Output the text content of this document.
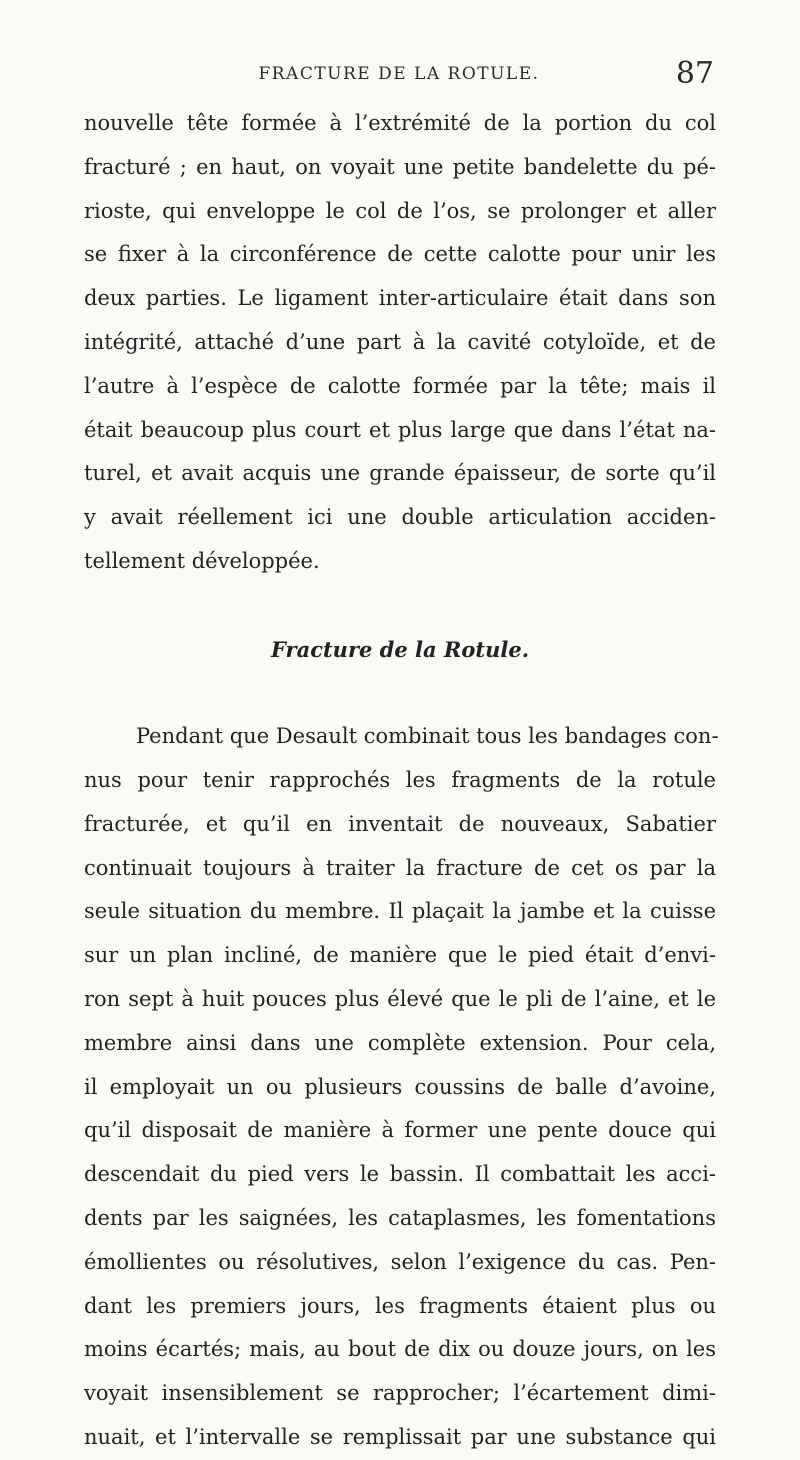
FRACTURE DE LA ROTULE.	87
nouvelle tête formée à l’extrémité de la portion du col
fracturé ; en haut, on voyait une petite bandelette du pé-
rioste, qui enveloppe le col de l’os, se prolonger et aller
se fixer à la circonférence de cette calotte pour unir les
deux parties. Le ligament inter-articulaire était dans son
intégrité, attaché d’une part à la cavité cotyloïde, et de
l’autre à l’espèce de calotte formée par la tête; mais il
était beaucoup plus court et plus large que dans l’état na-
turel, et avait acquis une grande épaisseur, de sorte qu’il
y avait réellement ici une double articulation acciden-
tellement développée.
Fracture de la Rotule.
Pendant que Desault combinait tous les bandages con-
nus pour tenir rapprochés les fragments de la rotule
fracturée, et qu’il en inventait de nouveaux, Sabatier
continuait toujours à traiter la fracture de cet os par la
seule situation du membre. Il plaçait la jambe et la cuisse
sur un plan incliné, de manière que le pied était d’envi-
ron sept à huit pouces plus élevé que le pli de l’aine, et le
membre ainsi dans une complète extension. Pour cela,
il employait un ou plusieurs coussins de balle d’avoine,
qu’il disposait de manière à former une pente douce qui
descendait du pied vers le bassin. Il combattait les acci-
dents par les saignées, les cataplasmes, les fomentations
émollientes ou résolutives, selon l’exigence du cas. Pen-
dant les premiers jours, les fragments étaient plus ou
moins écartés; mais, au bout de dix ou douze jours, on les
voyait insensiblement se rapprocher; l’écartement dimi-
nuait, et l’intervalle se remplissait par une substance qui
